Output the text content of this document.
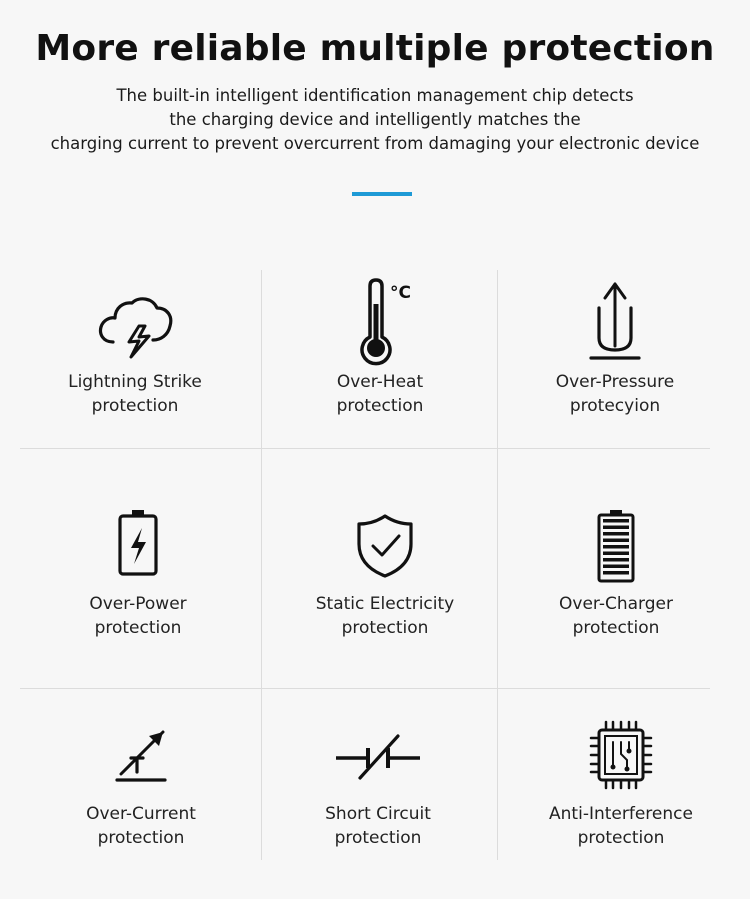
More reliable multiple protection
The built-in intelligent identification management chip detects
the charging device and intelligently matches the
charging current to prevent overcurrent from damaging your electronic device
Lightning Strike
protection
°C
Over-Heat
protection
Over-Pressure
protecyion
Over-Power
protection
Static Electricity
protection
Over-Charger
protection
Over-Current
protection
Short Circuit
protection
Anti-Interference
protection
